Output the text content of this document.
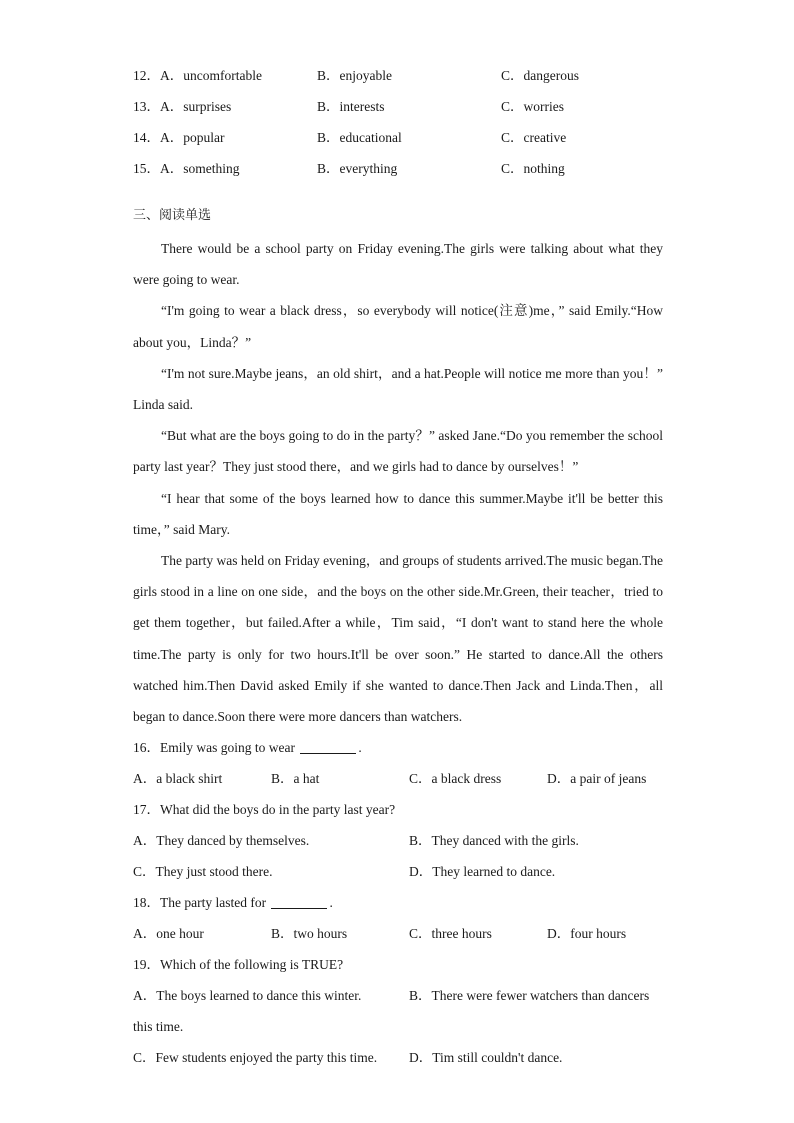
12． A．uncomfortable	B．enjoyable	C．dangerous
13． A．surprises	B．interests	C．worries
14． A．popular	B．educational	C．creative
15． A．something	B．everything	C．nothing
三、阅读单选
There would be a school party on Friday evening.The girls were talking about what they were going to wear.
“I'm going to wear a black dress，so everybody will notice(注意)me，” said Emily.“How about you，Linda？”
“I'm not sure.Maybe jeans，an old shirt，and a hat.People will notice me more than you！” Linda said.
“But what are the boys going to do in the party？” asked Jane.“Do you remember the school party last year？They just stood there，and we girls had to dance by ourselves！”
“I hear that some of the boys learned how to dance this summer.Maybe it'll be better this time，” said Mary.
The party was held on Friday evening，and groups of students arrived.The music began.The girls stood in a line on one side，and the boys on the other side.Mr.Green, their teacher，tried to get them together，but failed.After a while，Tim said，“I don't want to stand here the whole time.The party is only for two hours.It'll be over soon.” He started to dance.All the others watched him.Then David asked Emily if she wanted to dance.Then Jack and Linda.Then，all began to dance.Soon there were more dancers than watchers.
16．Emily was going to wear	.
A．a black shirt	B．a hat	C．a black dress	D．a pair of jeans
17．What did the boys do in the party last year?
A．They danced by themselves.	B．They danced with the girls.
C．They just stood there.	D．They learned to dance.
18．The party lasted for	.
A．one hour	B．two hours	C．three hours	D．four hours
19．Which of the following is TRUE?
A．The boys learned to dance this winter.	B．There were fewer watchers than dancers
this time.
C．Few students enjoyed the party this time. D．Tim still couldn't dance.
